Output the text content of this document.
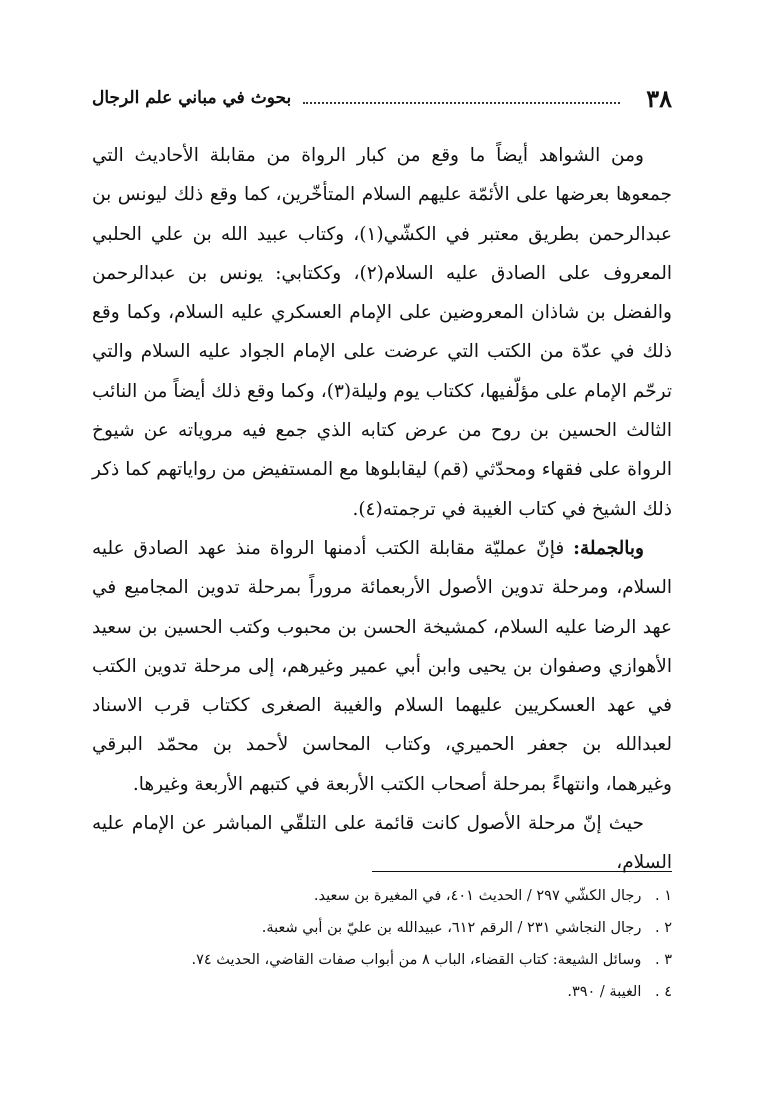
٣٨
بحوث في مباني علم الرجال

ومن الشواهد أيضاً ما وقع من كبار الرواة من مقابلة الأحاديث التي جمعوها بعرضها على الأئمّة عليهم السلام المتأخّرين، كما وقع ذلك ليونس بن عبدالرحمن بطريق معتبر في الكشّي(١)، وكتاب عبيد الله بن علي الحلبي المعروف على الصادق عليه السلام(٢)، وككتابي: يونس بن عبدالرحمن والفضل بن شاذان المعروضين على الإمام العسكري عليه السلام، وكما وقع ذلك في عدّة من الكتب التي عرضت على الإمام الجواد عليه السلام والتي ترحّم الإمام على مؤلّفيها، ككتاب يوم وليلة(٣)، وكما وقع ذلك أيضاً من النائب الثالث الحسين بن روح من عرض كتابه الذي جمع فيه مروياته عن شيوخ الرواة على فقهاء ومحدّثي (قم) ليقابلوها مع المستفيض من رواياتهم كما ذكر ذلك الشيخ في كتاب الغيبة في ترجمته(٤).

وبالجملة: فإنّ عمليّة مقابلة الكتب أدمنها الرواة منذ عهد الصادق عليه السلام، ومرحلة تدوين الأصول الأربعمائة مروراً بمرحلة تدوين المجاميع في عهد الرضا عليه السلام، كمشيخة الحسن بن محبوب وكتب الحسين بن سعيد الأهوازي وصفوان بن يحيى وابن أبي عمير وغيرهم، إلى مرحلة تدوين الكتب في عهد العسكريين عليهما السلام والغيبة الصغرى ككتاب قرب الاسناد لعبدالله بن جعفر الحميري، وكتاب المحاسن لأحمد بن محمّد البرقي وغيرهما، وانتهاءً بمرحلة أصحاب الكتب الأربعة في كتبهم الأربعة وغيرها.

حيث إنّ مرحلة الأصول كانت قائمة على التلقّي المباشر عن الإمام عليه السلام،

١ . رجال الكشّي ٢٩٧ / الحديث ٤٠١، في المغيرة بن سعيد.

٢ . رجال النجاشي ٢٣١ / الرقم ٦١٢، عبيدالله بن عليّ بن أبي شعبة.

٣ . وسائل الشيعة: كتاب القضاء، الباب ٨ من أبواب صفات القاضي، الحديث ٧٤.

٤ . الغيبة / ٣٩٠.
